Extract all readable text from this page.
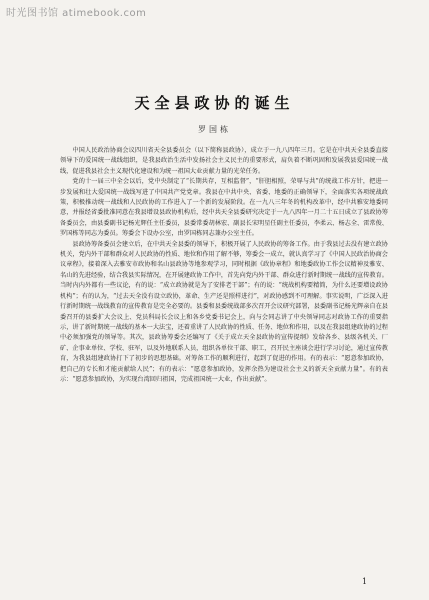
时光图书馆 atimebook.com
天全县政协的诞生
罗国栋

中国人民政治协商会议四川省天全县委员会（以下简称县政协），成立于一九八四年三月。它是在中共天全县委直接领导下的爱国统一战线组织，是我县政治生活中发扬社会主义民主的重要形式，肩负着不断巩固和发展我县爱国统一战线，促进我县社会主义现代化建设和为统一祖国大业贡献力量的光荣任务。

党的十一届三中全会以后，党中央制定了“长期共存，互相监督”，“肝胆相照，荣辱与共”的统战工作方针，把进一步发展和壮大爱国统一战线写进了中国共产党党章。我县在中共中央、省委、地委的正确领导下，全面落实各项统战政策，积极推动统一战线和人民政协的工作进入了一个新的发展阶段。在一九八三年冬的机构改革中，经中共雅安地委同意，并报经省委批准同意在我县增设县政协机构后，经中共天全县委研究决定于一九八四年一月二十五日成立了县政协筹备委员会，由县委副书记杨光辉任主任委员，县委常委胡林宏、副县长宋明星任副主任委员，李柔云、杨志全、雷常俊、罗国栋等同志为委员。筹委会下设办公室，由罗国栋同志兼办公室主任。

县政协筹备委员会建立后，在中共天全县委的领导下，积极开展了人民政协的筹备工作。由于我县过去没有建立政协机关，党内外干部和群众对人民政协的性质、地位和作用了解不够，筹委会一成立，就认真学习了《中国人民政治协商会议章程》，接着深入去雅安市政协和名山县政协等地参观学习，同时根据《政协章程》和地委政协工作会议精神及雅安、名山的先进经验，结合我县实际情况，在开展建政协工作中，首先向党内外干部、群众进行新时期统一战线的宣传教育。当时内内外都有一些议论，有的说：“成立政协就是为了安排老干部”；有的说：“统战机构要精简，为什么还要增设政协机构”；有的认为，“过去天全没有设立政协，革命、生产还是照样进行”，对政协感到不可理解。事实说明，广泛深入进行新时期统一战线教育的宣传教育是完全必要的。县委和县委统战部多次召开会议研究部署，县委副书记杨光辉亲自在县委召开的县委扩大会议上、党员科局长会议上和各乡党委书记会上，向与会同志讲了中央领导同志对政协工作的重要指示，讲了新时期统一战线的基本一大法宝，还着重讲了人民政协的性质、任务、地位和作用，以及在我县组建政协的过程中必须加强党的领导等。其次，县政协筹委会还编写了《关于成立天全县政协的宣传提纲》发给各乡、县级各机关、厂矿、企事业单位、学校、驻军，以及外地联系人员，组织各单位干部、职工，召开民主座谈会进行学习讨论，通过宣传教育，为我县组建政协打下了初步的思想基础。对筹备工作的顺利进行，起到了促进的作用。有的表示：“愿意参加政协，把自己的专长和才能贡献给人民”；有的表示：“愿意参加政协，发挥余热为建设社会主义的新天全贡献力量”。有的表示：“愿意参加政协，为实现台湾回归祖国，完成祖国统一大业，作出贡献”。

1
